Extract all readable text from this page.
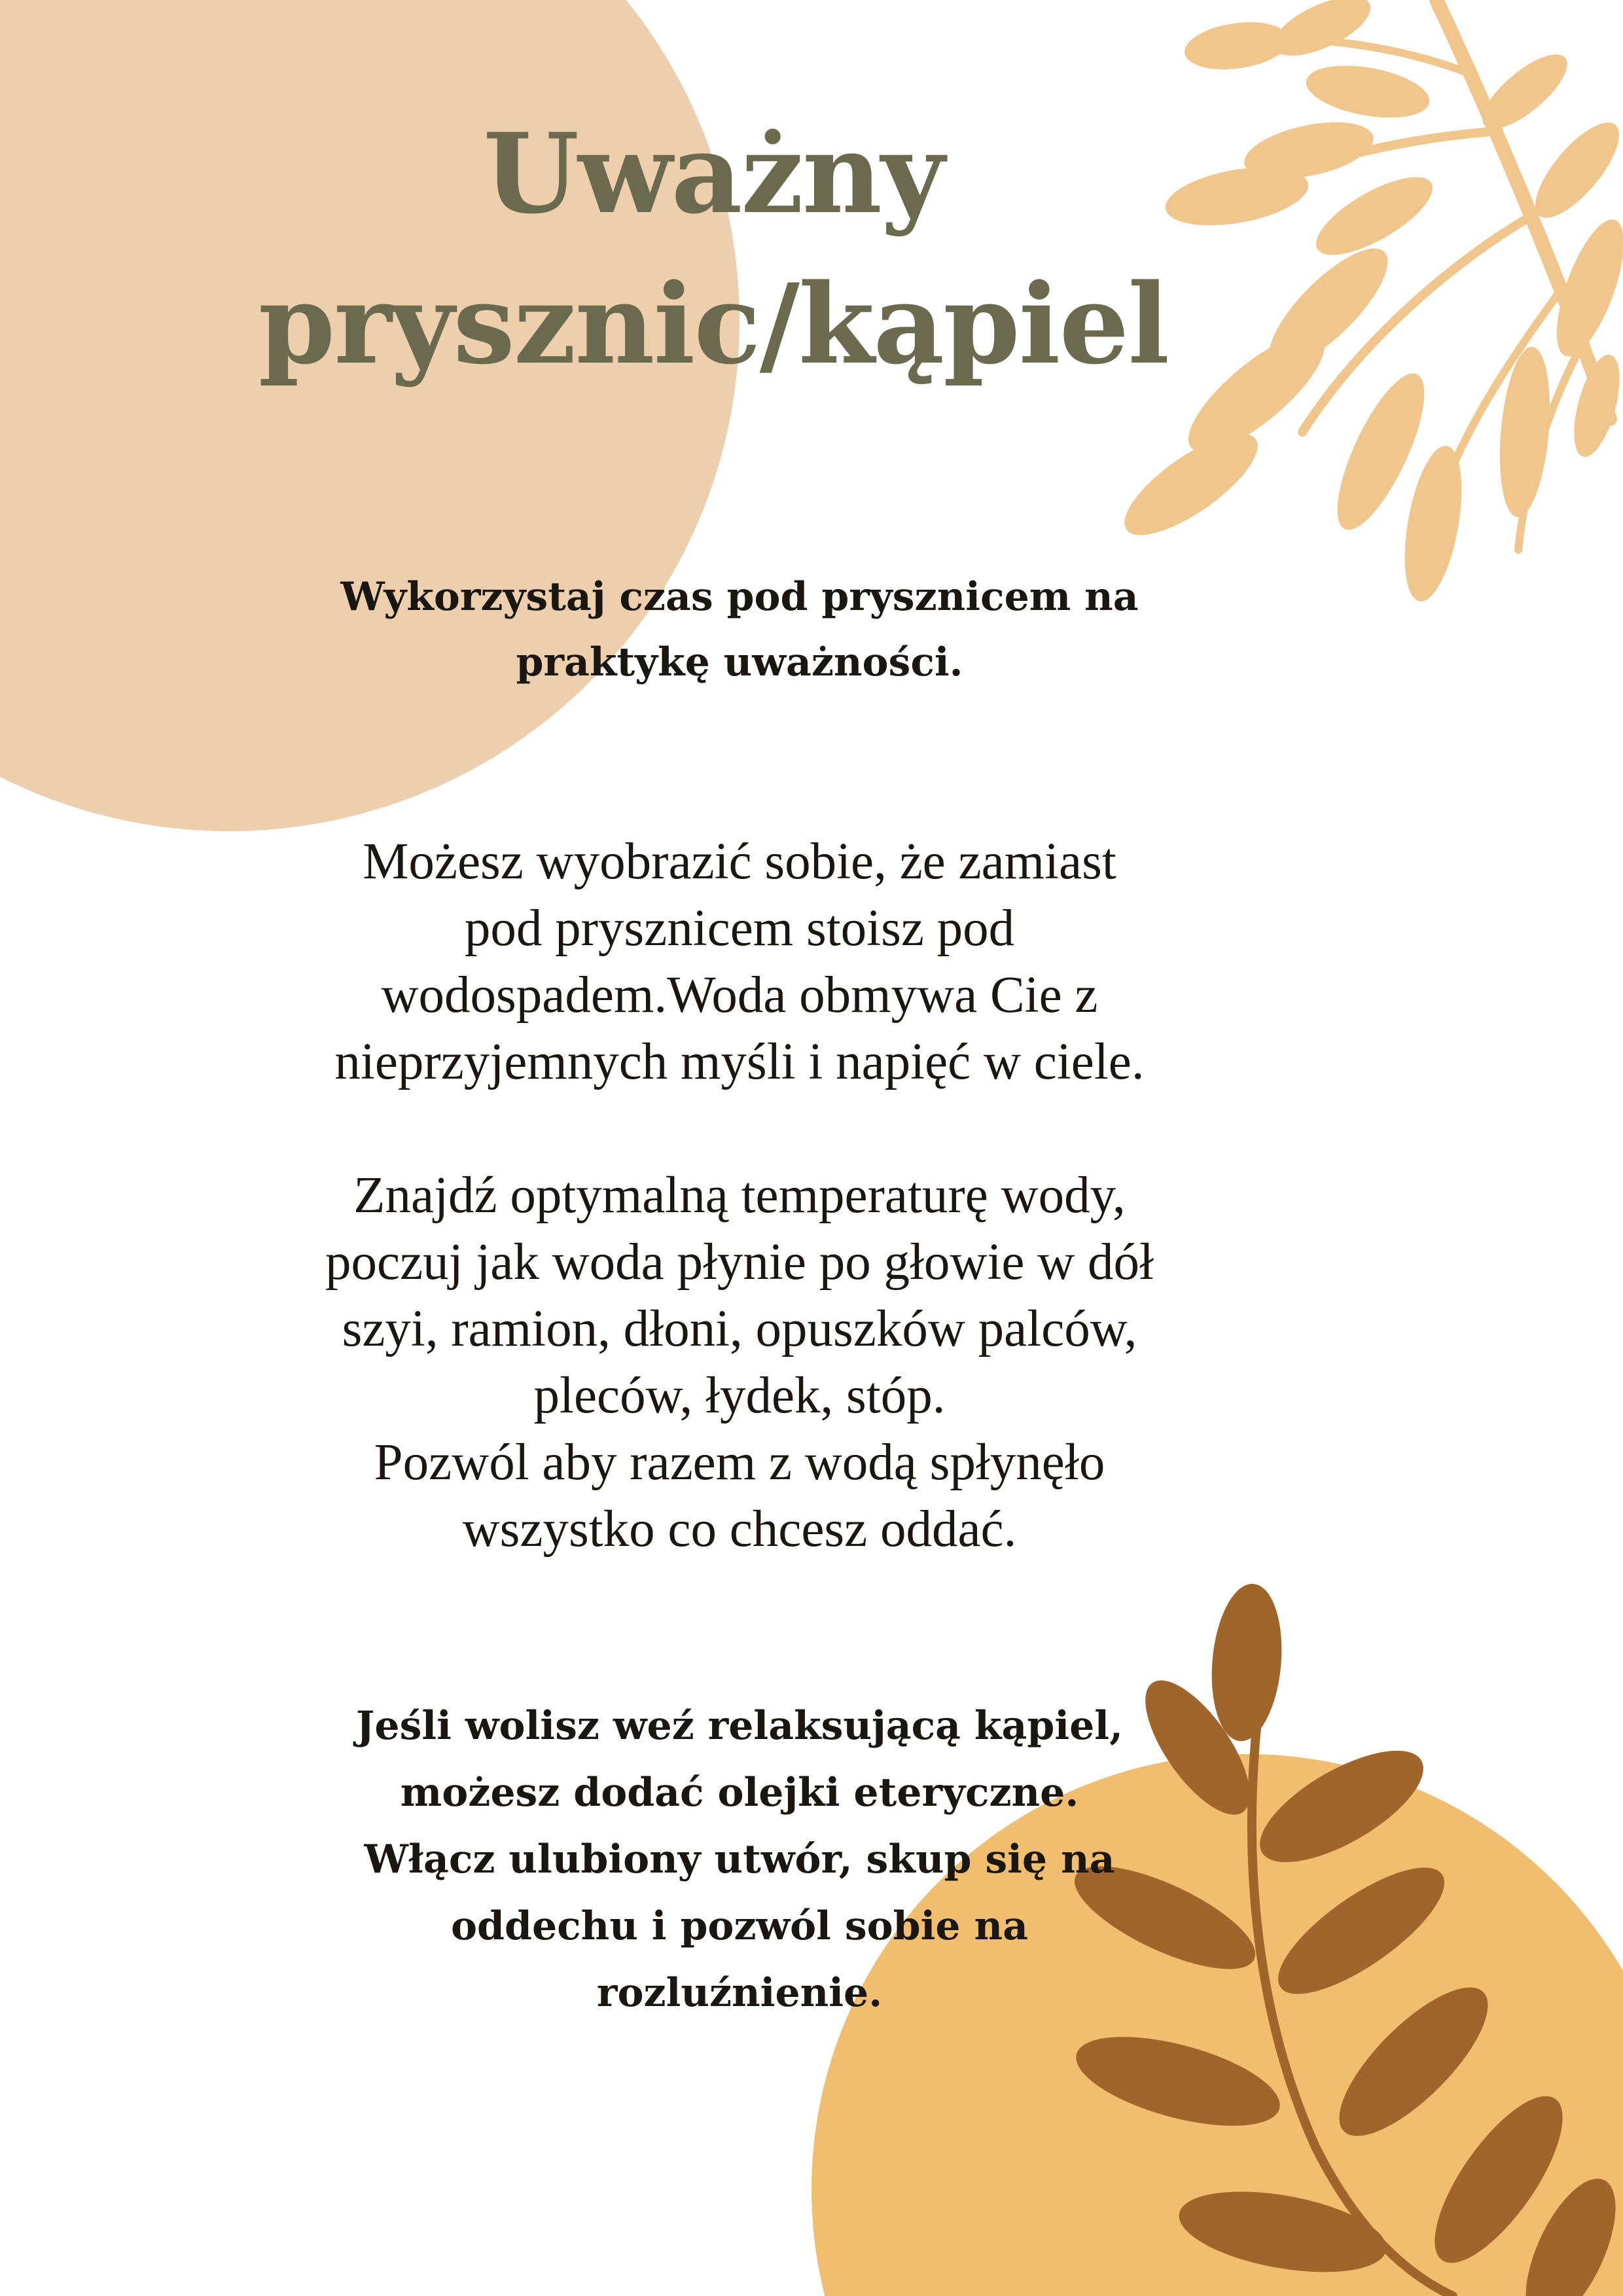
Uważny
prysznic/kąpiel

Wykorzystaj czas pod prysznicem na
praktykę uważności.

Możesz wyobrazić sobie, że zamiast
pod prysznicem stoisz pod
wodospadem.Woda obmywa Cie z
nieprzyjemnych myśli i napięć w ciele.

Znajdź optymalną temperaturę wody,
poczuj jak woda płynie po głowie w dół
szyi, ramion, dłoni, opuszków palców,
pleców, łydek, stóp.
Pozwól aby razem z wodą spłynęło
wszystko co chcesz oddać.

Jeśli wolisz weź relaksującą kąpiel,
możesz dodać olejki eteryczne.
Włącz ulubiony utwór, skup się na
oddechu i pozwól sobie na
rozluźnienie.
